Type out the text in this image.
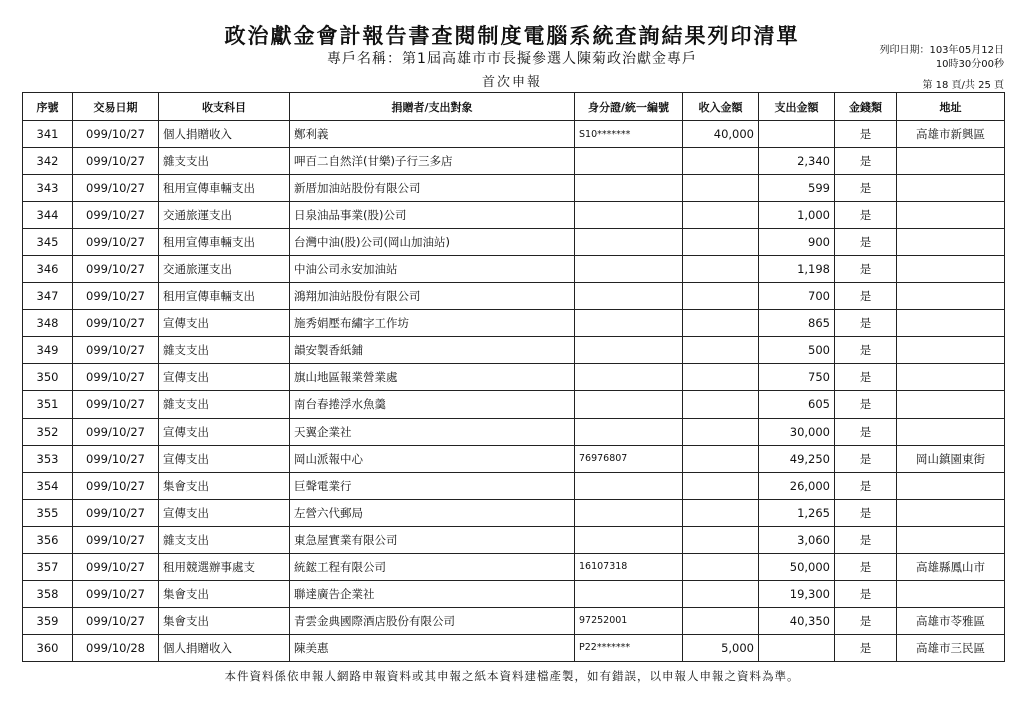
政治獻金會計報告書查閱制度電腦系統查詢結果列印清單
專戶名稱：第1屆高雄市市長擬參選人陳菊政治獻金專戶
首次申報
列印日期：103年05月12日
10時30分00秒
第 18 頁/共 25 頁
序號	交易日期	收支科目	捐贈者/支出對象	身分證/統一編號	收入金額	支出金額	金錢類	地址
341	099/10/27	個人捐贈收入	鄭利義	S10*******	40,000		是	高雄市新興區
342	099/10/27	雜支支出	呷百二自然洋(甘樂)子行三多店			2,340	是	
343	099/10/27	租用宣傳車輛支出	新厝加油站股份有限公司			599	是	
344	099/10/27	交通旅運支出	日泉油品事業(股)公司			1,000	是	
345	099/10/27	租用宣傳車輛支出	台灣中油(股)公司(岡山加油站)			900	是	
346	099/10/27	交通旅運支出	中油公司永安加油站			1,198	是	
347	099/10/27	租用宣傳車輛支出	鴻翔加油站股份有限公司			700	是	
348	099/10/27	宣傳支出	施秀娟壓布繡字工作坊			865	是	
349	099/10/27	雜支支出	韻安製香紙鋪			500	是	
350	099/10/27	宣傳支出	旗山地區報業營業處			750	是	
351	099/10/27	雜支支出	南台春捲浮水魚羹			605	是	
352	099/10/27	宣傳支出	天翼企業社			30,000	是	
353	099/10/27	宣傳支出	岡山派報中心	76976807		49,250	是	岡山鎮園東街
354	099/10/27	集會支出	巨聲電業行			26,000	是	
355	099/10/27	宣傳支出	左營六代郵局			1,265	是	
356	099/10/27	雜支支出	東急屋實業有限公司			3,060	是	
357	099/10/27	租用競選辦事處支	統鋐工程有限公司	16107318		50,000	是	高雄縣鳳山市
358	099/10/27	集會支出	聯達廣告企業社			19,300	是	
359	099/10/27	集會支出	青雲金典國際酒店股份有限公司	97252001		40,350	是	高雄市苓雅區
360	099/10/28	個人捐贈收入	陳美惠	P22*******	5,000		是	高雄市三民區
本件資料係依申報人網路申報資料或其申報之紙本資料建檔產製，如有錯誤，以申報人申報之資料為準。
